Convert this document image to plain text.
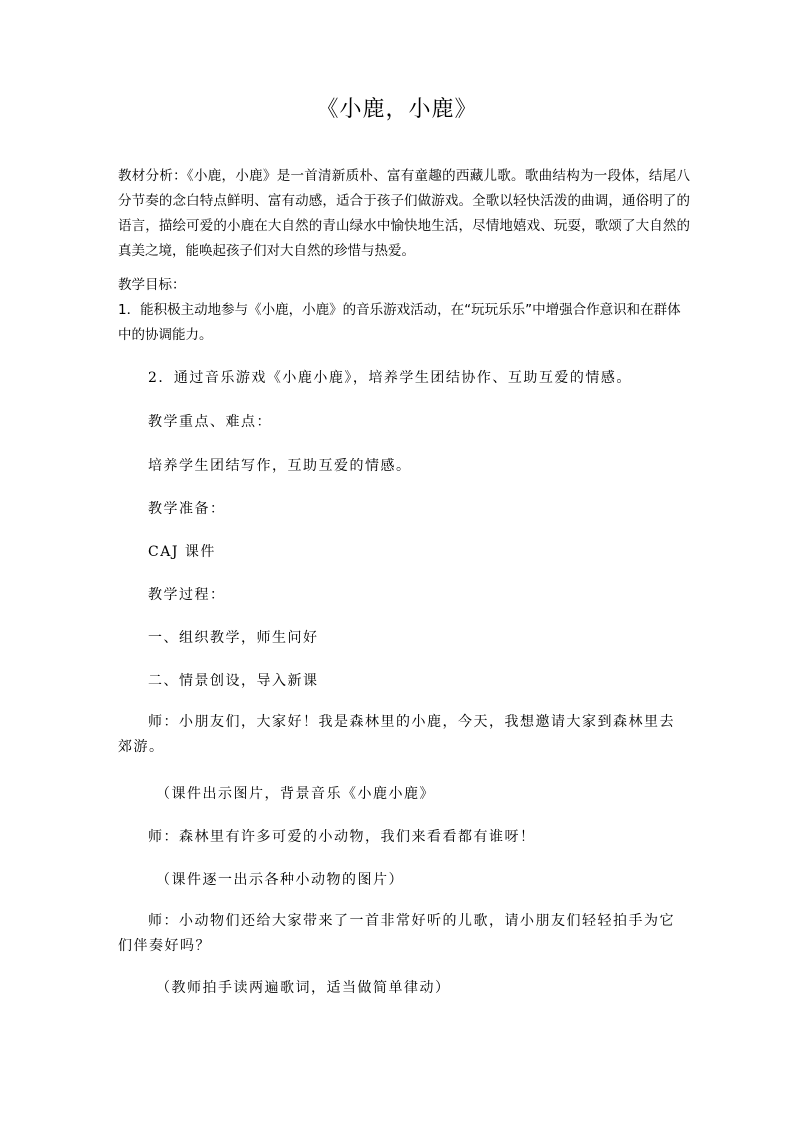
《小鹿，小鹿》

教材分析：《小鹿，小鹿》是一首清新质朴、富有童趣的西藏儿歌。歌曲结构为一段体，结尾八分节奏的念白特点鲜明、富有动感，适合于孩子们做游戏。全歌以轻快活泼的曲调，通俗明了的语言，描绘可爱的小鹿在大自然的青山绿水中愉快地生活，尽情地嬉戏、玩耍，歌颂了大自然的真美之境，能唤起孩子们对大自然的珍惜与热爱。

教学目标：

1．能积极主动地参与《小鹿，小鹿》的音乐游戏活动，在“玩玩乐乐”中增强合作意识和在群体中的协调能力。

2．通过音乐游戏《小鹿小鹿》，培养学生团结协作、互助互爱的情感。

教学重点、难点：

培养学生团结写作，互助互爱的情感。

教学准备：

CAJ 课件

教学过程：

一、组织教学，师生问好

二、情景创设，导入新课

师：小朋友们，大家好！我是森林里的小鹿，今天，我想邀请大家到森林里去郊游。

（课件出示图片，背景音乐《小鹿小鹿》

师：森林里有许多可爱的小动物，我们来看看都有谁呀！

（课件逐一出示各种小动物的图片）

师：小动物们还给大家带来了一首非常好听的儿歌，请小朋友们轻轻拍手为它们伴奏好吗？

（教师拍手读两遍歌词，适当做简单律动）
